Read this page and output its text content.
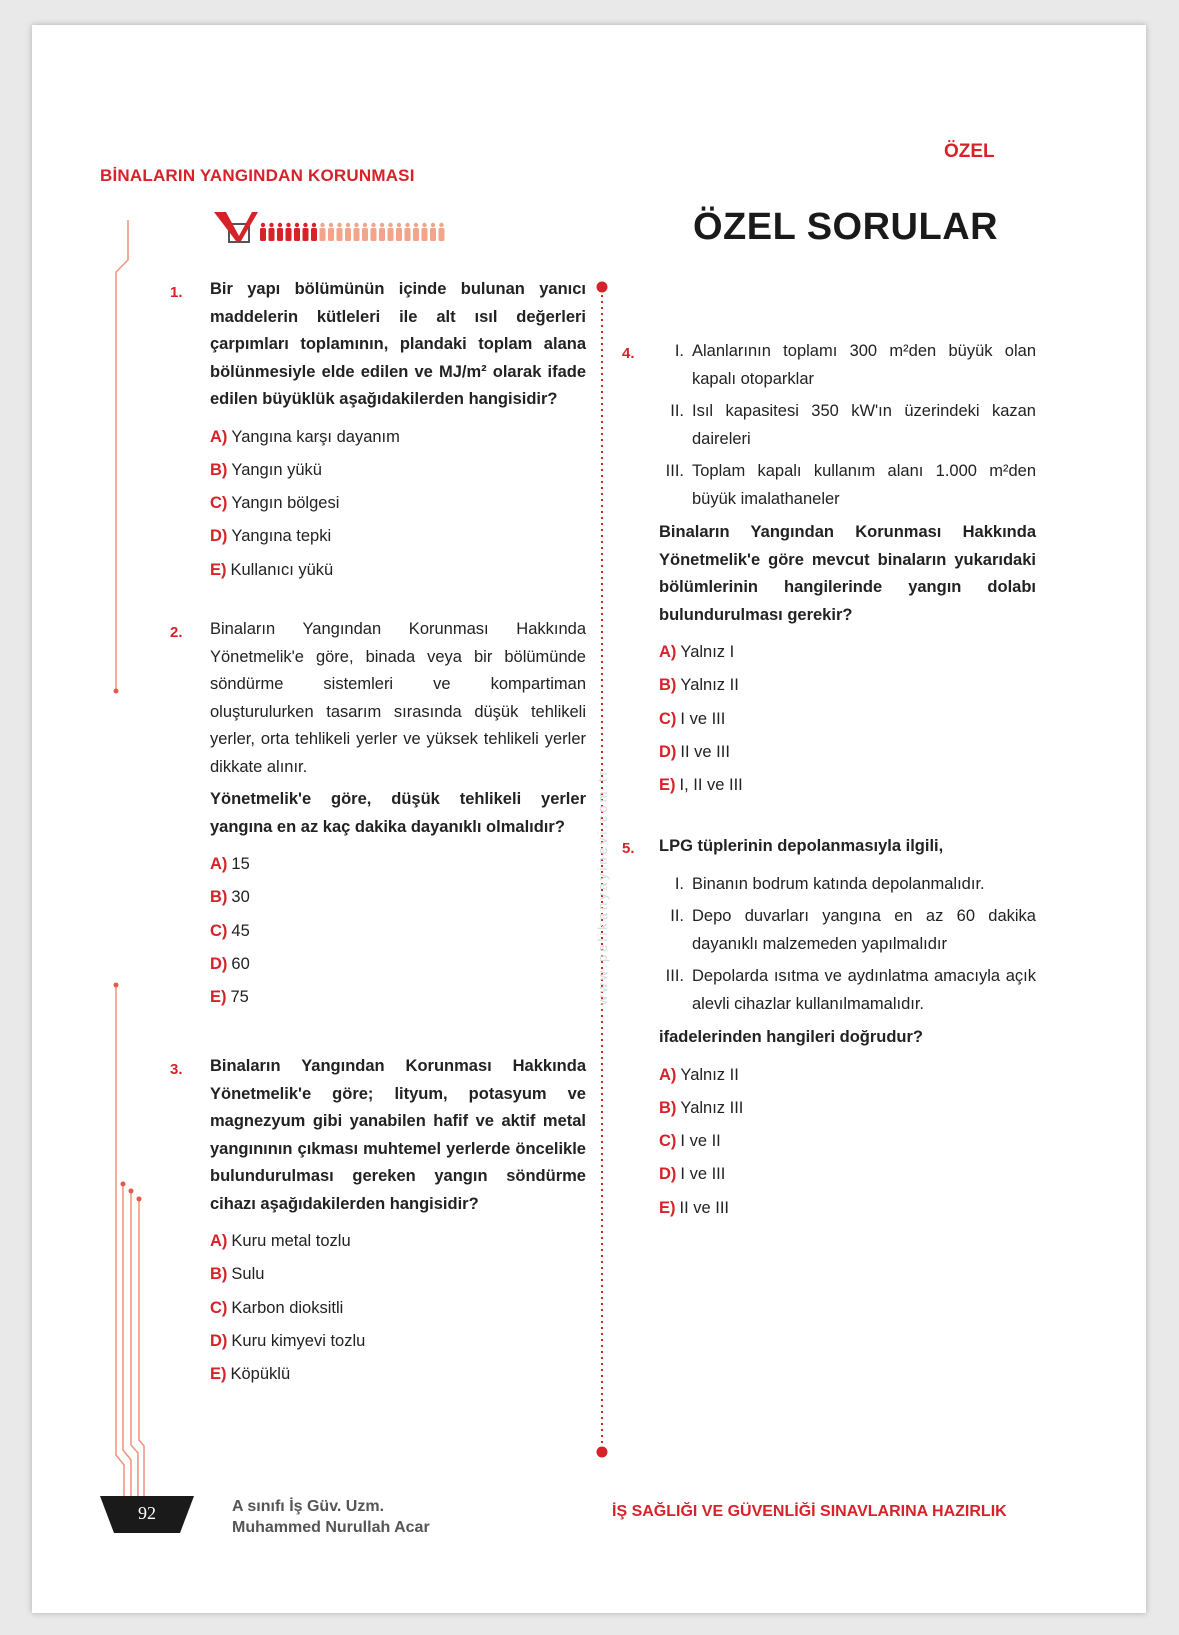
BİNALARIN YANGINDAN KORUNMASI
ÖZEL
ÖZEL SORULAR
www.pelikanyayinevi.com.tr
1. Bir yapı bölümünün içinde bulunan yanıcı maddelerin kütleleri ile alt ısıl değerleri çarpımları toplamının, plandaki toplam alana bölünmesiyle elde edilen ve MJ/m² olarak ifade edilen büyüklük aşağıdakilerden hangisidir?
A) Yangına karşı dayanım
B) Yangın yükü
C) Yangın bölgesi
D) Yangına tepki
E) Kullanıcı yükü
2. Binaların Yangından Korunması Hakkında Yönetmelik'e göre, binada veya bir bölümünde söndürme sistemleri ve kompartiman oluşturulurken tasarım sırasında düşük tehlikeli yerler, orta tehlikeli yerler ve yüksek tehlikeli yerler dikkate alınır.
Yönetmelik'e göre, düşük tehlikeli yerler yangına en az kaç dakika dayanıklı olmalıdır?
A) 15
B) 30
C) 45
D) 60
E) 75
3. Binaların Yangından Korunması Hakkında Yönetmelik'e göre; lityum, potasyum ve magnezyum gibi yanabilen hafif ve aktif metal yangınının çıkması muhtemel yerlerde öncelikle bulundurulması gereken yangın söndürme cihazı aşağıdakilerden hangisidir?
A) Kuru metal tozlu
B) Sulu
C) Karbon dioksitli
D) Kuru kimyevi tozlu
E) Köpüklü
4.	I. Alanlarının toplamı 300 m²den büyük olan kapalı otoparklar
II. Isıl kapasitesi 350 kW'ın üzerindeki kazan daireleri
III. Toplam kapalı kullanım alanı 1.000 m²den büyük imalathaneler
Binaların Yangından Korunması Hakkında Yönetmelik'e göre mevcut binaların yukarıdaki bölümlerinin hangilerinde yangın dolabı bulundurulması gerekir?
A) Yalnız I
B) Yalnız II
C) I ve III
D) II ve III
E) I, II ve III
5. LPG tüplerinin depolanmasıyla ilgili,
I. Binanın bodrum katında depolanmalıdır.
II. Depo duvarları yangına en az 60 dakika dayanıklı malzemeden yapılmalıdır
III. Depolarda ısıtma ve aydınlatma amacıyla açık alevli cihazlar kullanılmamalıdır.
ifadelerinden hangileri doğrudur?
A) Yalnız II
B) Yalnız III
C) I ve II
D) I ve III
E) II ve III
92	A sınıfı İş Güv. Uzm.
Muhammed Nurullah Acar
İŞ SAĞLIĞI VE GÜVENLİĞİ SINAVLARINA HAZIRLIK
